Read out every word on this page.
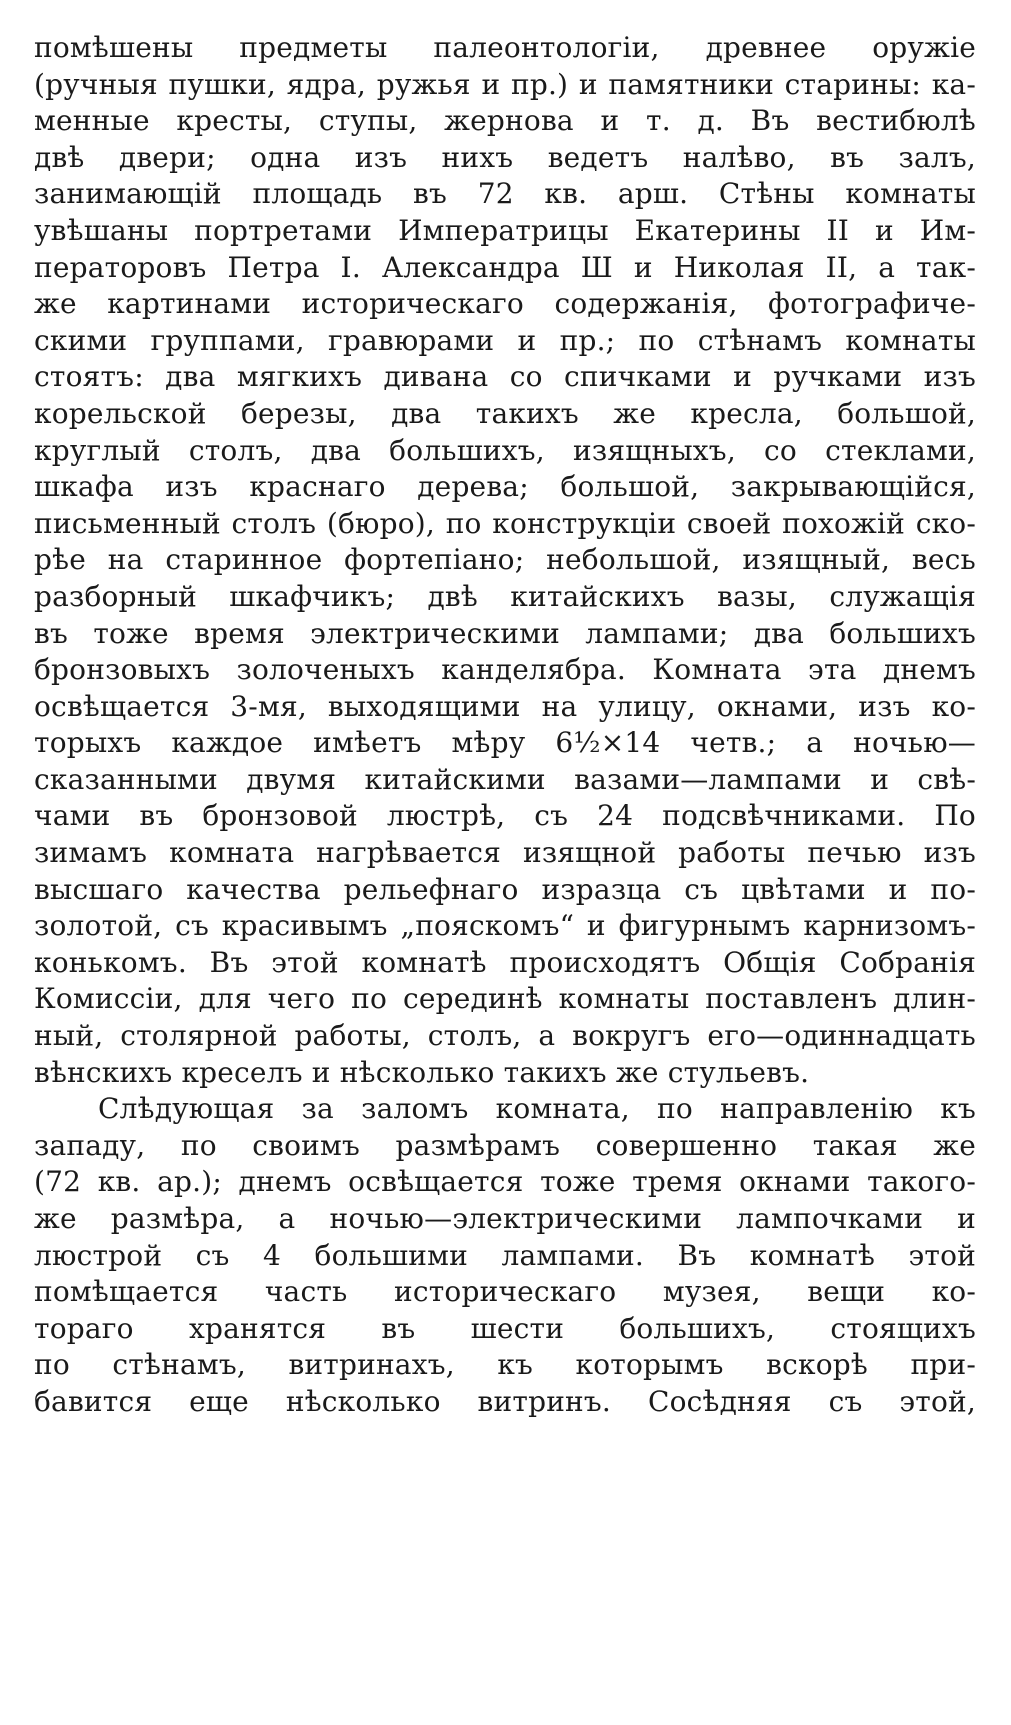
помѣшены предметы палеонтологіи, древнее оружіе
(ручныя пушки, ядра, ружья и пр.) и памятники старины: ка-
менные кресты, ступы, жернова и т. д. Въ вестибюлѣ
двѣ двери; одна изъ нихъ ведетъ налѣво, въ залъ,
занимающій площадь въ 72 кв. арш. Стѣны комнаты
увѣшаны портретами Императрицы Екатерины II и Им-
ператоровъ Петра I. Александра Ш и Николая II, а так-
же картинами историческаго содержанія, фотографиче-
скими группами, гравюрами и пр.; по стѣнамъ комнаты
стоятъ: два мягкихъ дивана со спичками и ручками изъ
корельской березы, два такихъ же кресла, большой,
круглый столъ, два большихъ, изящныхъ, со стеклами,
шкафа изъ краснаго дерева; большой, закрывающійся,
письменный столъ (бюро), по конструкціи своей похожій ско-
рѣе на старинное фортепіано; небольшой, изящный, весь
разборный шкафчикъ; двѣ китайскихъ вазы, служащія
въ тоже время электрическими лампами; два большихъ
бронзовыхъ золоченыхъ канделябра. Комната эта днемъ
освѣщается 3-мя, выходящими на улицу, окнами, изъ ко-
торыхъ каждое имѣетъ мѣру 6½×14 четв.; а ночью—
сказанными двумя китайскими вазами—лампами и свѣ-
чами въ бронзовой люстрѣ, съ 24 подсвѣчниками. По
зимамъ комната нагрѣвается изящной работы печью изъ
высшаго качества рельефнаго изразца съ цвѣтами и по-
золотой, съ красивымъ „пояскомъ“ и фигурнымъ карнизомъ-
конькомъ. Въ этой комнатѣ происходятъ Общія Собранія
Комиссіи, для чего по серединѣ комнаты поставленъ длин-
ный, столярной работы, столъ, а вокругъ его—одиннадцать
вѣнскихъ креселъ и нѣсколько такихъ же стульевъ.
Слѣдующая за заломъ комната, по направленію къ
западу, по своимъ размѣрамъ совершенно такая же
(72 кв. ар.); днемъ освѣщается тоже тремя окнами такого-
же размѣра, а ночью—электрическими лампочками и
люстрой съ 4 большими лампами. Въ комнатѣ этой
помѣщается часть историческаго музея, вещи ко-
тораго хранятся въ шести большихъ, стоящихъ
по стѣнамъ, витринахъ, къ которымъ вскорѣ при-
бавится еще нѣсколько витринъ. Сосѣдняя съ этой,
